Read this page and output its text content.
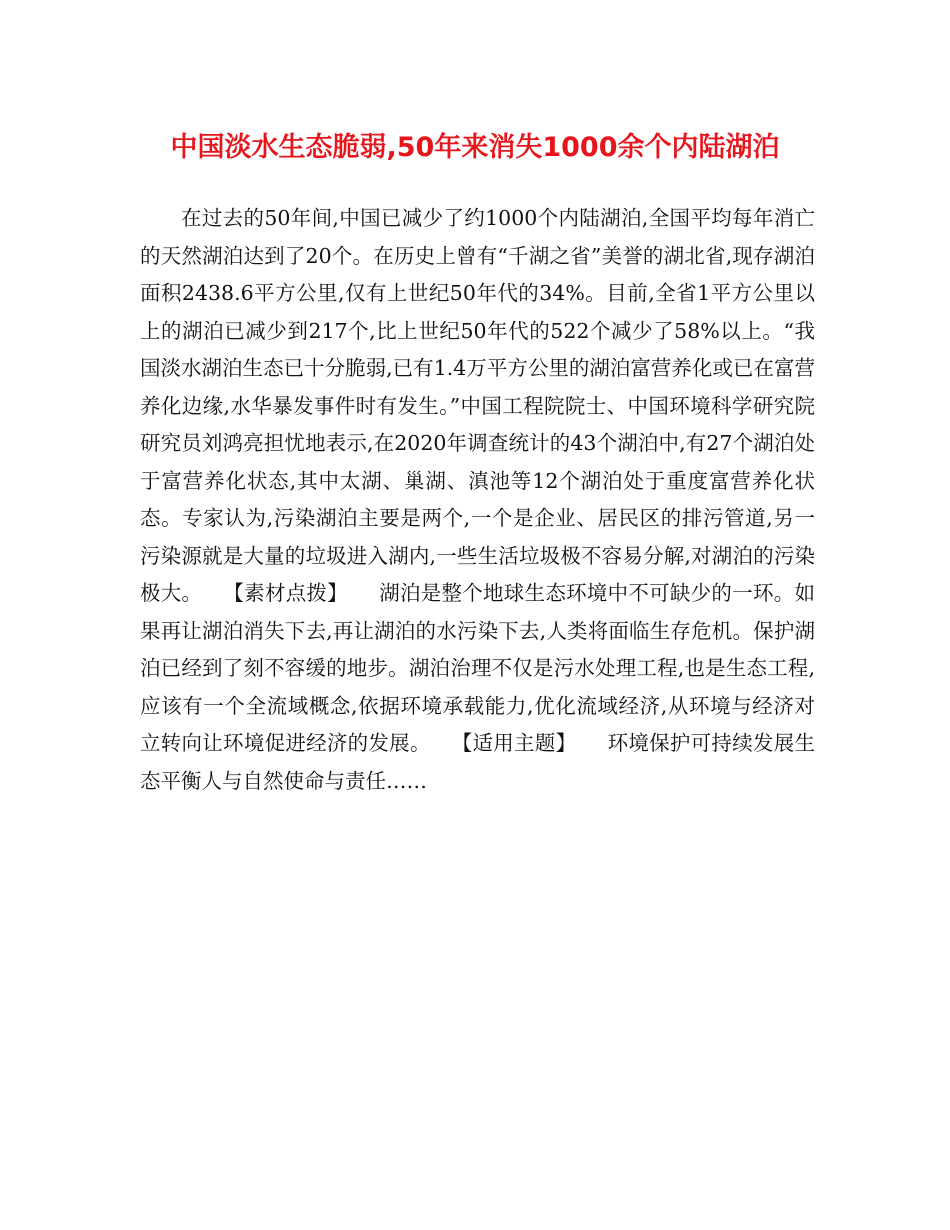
中国淡水生态脆弱,50年来消失1000余个内陆湖泊

在过去的50年间,中国已减少了约1000个内陆湖泊,全国平均每年消亡的天然湖泊达到了20个。在历史上曾有“千湖之省”美誉的湖北省,现存湖泊面积2438.6平方公里,仅有上世纪50年代的34%。目前,全省1平方公里以上的湖泊已减少到217个,比上世纪50年代的522个减少了58%以上。“我国淡水湖泊生态已十分脆弱,已有1.4万平方公里的湖泊富营养化或已在富营养化边缘,水华暴发事件时有发生。”中国工程院院士、中国环境科学研究院研究员刘鸿亮担忧地表示,在2020年调查统计的43个湖泊中,有27个湖泊处于富营养化状态,其中太湖、巢湖、滇池等12个湖泊处于重度富营养化状态。专家认为,污染湖泊主要是两个,一个是企业、居民区的排污管道,另一污染源就是大量的垃圾进入湖内,一些生活垃圾极不容易分解,对湖泊的污染极大。　　【素材点拨】　　湖泊是整个地球生态环境中不可缺少的一环。如果再让湖泊消失下去,再让湖泊的水污染下去,人类将面临生存危机。保护湖泊已经到了刻不容缓的地步。湖泊治理不仅是污水处理工程,也是生态工程,应该有一个全流域概念,依据环境承载能力,优化流域经济,从环境与经济对立转向让环境促进经济的发展。　　【适用主题】　　环境保护可持续发展生态平衡人与自然使命与责任……
